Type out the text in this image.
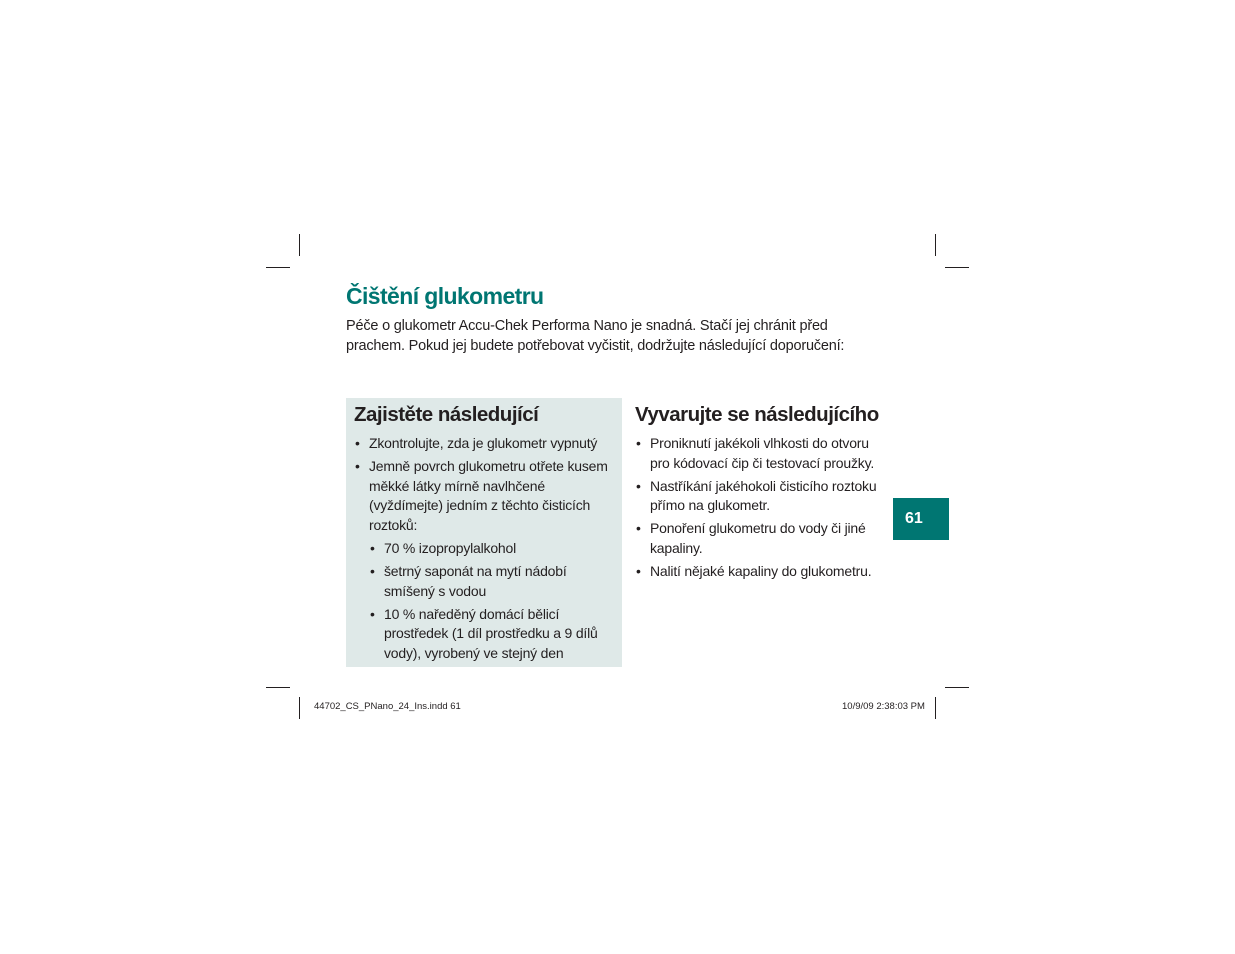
Čištění glukometru

Péče o glukometr Accu-Chek Performa Nano je snadná. Stačí jej chránit před
prachem. Pokud jej budete potřebovat vyčistit, dodržujte následující doporučení:

Zajistěte následující
• Zkontrolujte, zda je glukometr vypnutý
• Jemně povrch glukometru otřete kusem měkké látky mírně navlhčené (vyždímejte) jedním z těchto čisticích roztoků:
• 70 % izopropylalkohol
• šetrný saponát na mytí nádobí smíšený s vodou
• 10 % naředěný domácí bělicí prostředek (1 díl prostředku a 9 dílů vody), vyrobený ve stejný den
Vyvarujte se následujícího
• Proniknutí jakékoli vlhkosti do otvoru pro kódovací čip či testovací proužky.
• Nastříkání jakéhokoli čisticího roztoku přímo na glukometr.
• Ponoření glukometru do vody či jiné kapaliny.
• Nalití nějaké kapaliny do glukometru.
61
44702_CS_PNano_24_Ins.indd 61	10/9/09 2:38:03 PM
